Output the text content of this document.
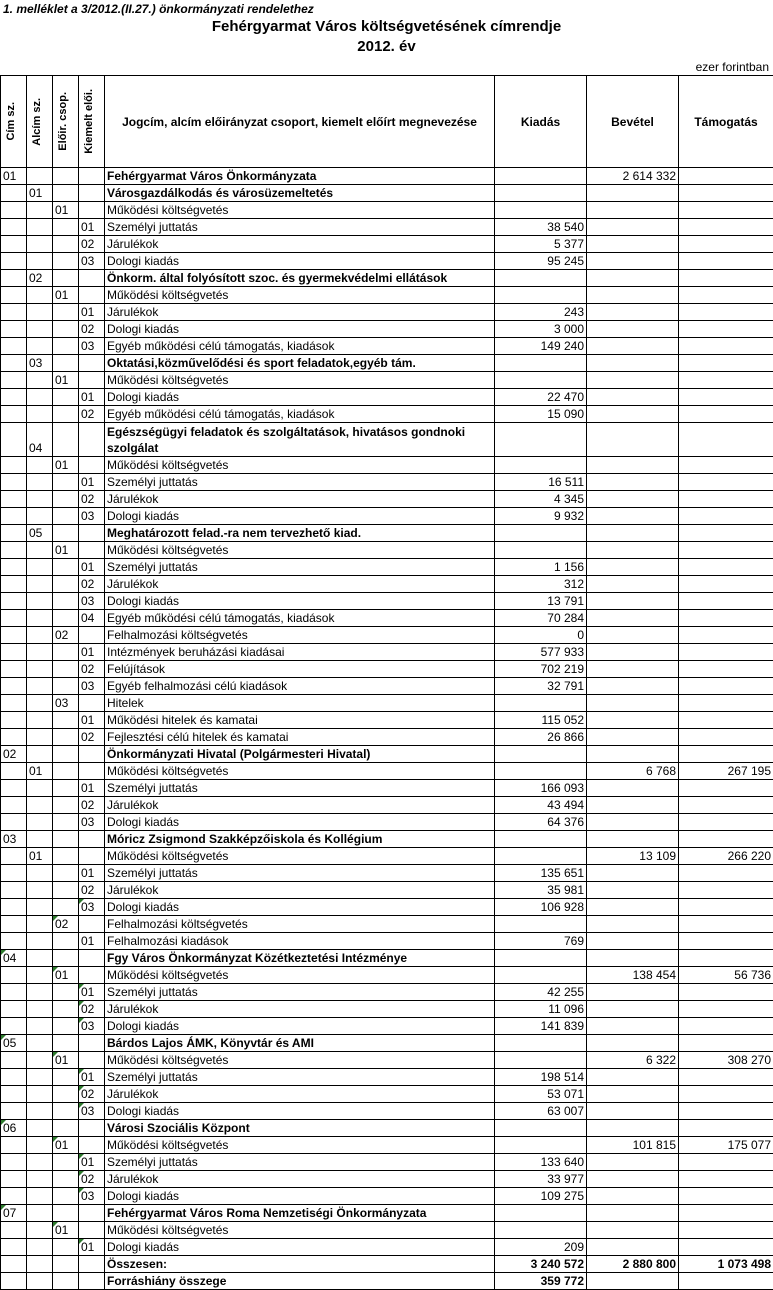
1. melléklet a 3/2012.(II.27.) önkormányzati rendelethez
Fehérgyarmat Város költségvetésének címrendje
2012. év
ezer forintban
Cím sz.	Alcím sz.	Előir. csop.	Kiemelt elői.	Jogcím, alcím előirányzat csoport, kiemelt előírt megnevezése	Kiadás	Bevétel	Támogatás
01				Fehérgyarmat Város Önkormányzata		2 614 332	
	01			Városgazdálkodás és városüzemeltetés			
		01		Működési költségvetés			
			01	Személyi juttatás	38 540		
			02	Járulékok	5 377		
			03	Dologi kiadás	95 245		
	02			Önkorm. által folyósított szoc. és gyermekvédelmi ellátások			
		01		Működési költségvetés			
			01	Járulékok	243		
			02	Dologi kiadás	3 000		
			03	Egyéb működési célú támogatás, kiadások	149 240		
	03			Oktatási,közművelődési és sport feladatok,egyéb tám.			
		01		Működési költségvetés			
			01	Dologi kiadás	22 470		
			02	Egyéb működési célú támogatás, kiadások	15 090		
	04			Egészségügyi feladatok és szolgáltatások, hivatásos gondnoki szolgálat			
		01		Működési költségvetés			
			01	Személyi juttatás	16 511		
			02	Járulékok	4 345		
			03	Dologi kiadás	9 932		
	05			Meghatározott felad.-ra nem tervezhető kiad.			
		01		Működési költségvetés			
			01	Személyi juttatás	1 156		
			02	Járulékok	312		
			03	Dologi kiadás	13 791		
			04	Egyéb működési célú támogatás, kiadások	70 284		
		02		Felhalmozási költségvetés	0		
			01	Intézmények beruházási kiadásai	577 933		
			02	Felújítások	702 219		
			03	Egyéb felhalmozási célú kiadások	32 791		
		03		Hitelek			
			01	Működési hitelek és kamatai	115 052		
			02	Fejlesztési célú hitelek és kamatai	26 866		
02				Önkormányzati Hivatal (Polgármesteri Hivatal)			
	01			Működési költségvetés		6 768	267 195
			01	Személyi juttatás	166 093		
			02	Járulékok	43 494		
			03	Dologi kiadás	64 376		
03				Móricz Zsigmond Szakképzőiskola és Kollégium			
	01			Működési költségvetés		13 109	266 220
			01	Személyi juttatás	135 651		
			02	Járulékok	35 981		
			03	Dologi kiadás	106 928		
		02		Felhalmozási költségvetés			
			01	Felhalmozási kiadások	769		
04				Fgy Város Önkormányzat Közétkeztetési Intézménye			
		01		Működési költségvetés		138 454	56 736
			01	Személyi juttatás	42 255		
			02	Járulékok	11 096		
			03	Dologi kiadás	141 839		
05				Bárdos Lajos ÁMK, Könyvtár és AMI			
		01		Működési költségvetés		6 322	308 270
			01	Személyi juttatás	198 514		
			02	Járulékok	53 071		
			03	Dologi kiadás	63 007		
06				Városi Szociális Központ			
		01		Működési költségvetés		101 815	175 077
			01	Személyi juttatás	133 640		
			02	Járulékok	33 977		
			03	Dologi kiadás	109 275		
07				Fehérgyarmat Város Roma Nemzetiségi Önkormányzata			
		01		Működési költségvetés			
			01	Dologi kiadás	209		
				Összesen:	3 240 572	2 880 800	1 073 498
				Forráshiány összege	359 772		
